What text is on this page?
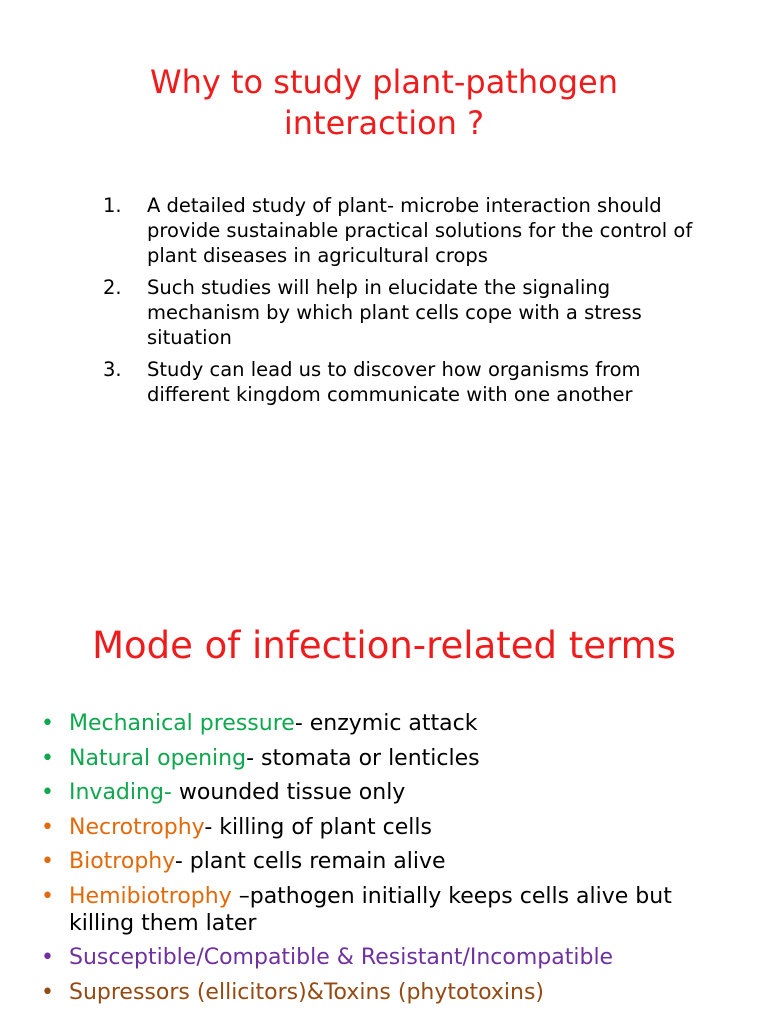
Why to study plant-pathogen
interaction ?
1. A detailed study of plant- microbe interaction should provide sustainable practical solutions for the control of plant diseases in agricultural crops
2. Such studies will help in elucidate the signaling mechanism by which plant cells cope with a stress situation
3. Study can lead us to discover how organisms from different kingdom communicate with one another
Mode of infection-related terms
• Mechanical pressure- enzymic attack
• Natural opening- stomata or lenticles
• Invading- wounded tissue only
• Necrotrophy- killing of plant cells
• Biotrophy- plant cells remain alive
• Hemibiotrophy –pathogen initially keeps cells alive but killing them later
• Susceptible/Compatible & Resistant/Incompatible
• Supressors (ellicitors)&Toxins (phytotoxins)
